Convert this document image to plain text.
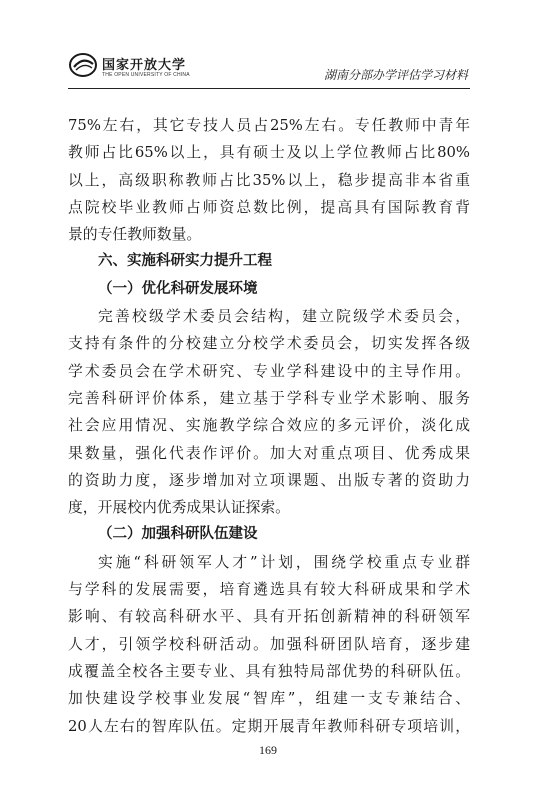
国家开放大学
THE OPEN UNIVERSITY OF CHINA	湖南分部办学评估学习材料
75%左右，其它专技人员占25%左右。专任教师中青年
教师占比65%以上，具有硕士及以上学位教师占比80%
以上，高级职称教师占比35%以上，稳步提高非本省重
点院校毕业教师占师资总数比例，提高具有国际教育背
景的专任教师数量。
六、实施科研实力提升工程
（一）优化科研发展环境
完善校级学术委员会结构，建立院级学术委员会，
支持有条件的分校建立分校学术委员会，切实发挥各级
学术委员会在学术研究、专业学科建设中的主导作用。
完善科研评价体系，建立基于学科专业学术影响、服务
社会应用情况、实施教学综合效应的多元评价，淡化成
果数量，强化代表作评价。加大对重点项目、优秀成果
的资助力度，逐步增加对立项课题、出版专著的资助力
度，开展校内优秀成果认证探索。
（二）加强科研队伍建设
实施“科研领军人才”计划，围绕学校重点专业群
与学科的发展需要，培育遴选具有较大科研成果和学术
影响、有较高科研水平、具有开拓创新精神的科研领军
人才，引领学校科研活动。加强科研团队培育，逐步建
成覆盖全校各主要专业、具有独特局部优势的科研队伍。
加快建设学校事业发展“智库”，组建一支专兼结合、
20人左右的智库队伍。定期开展青年教师科研专项培训，
169
